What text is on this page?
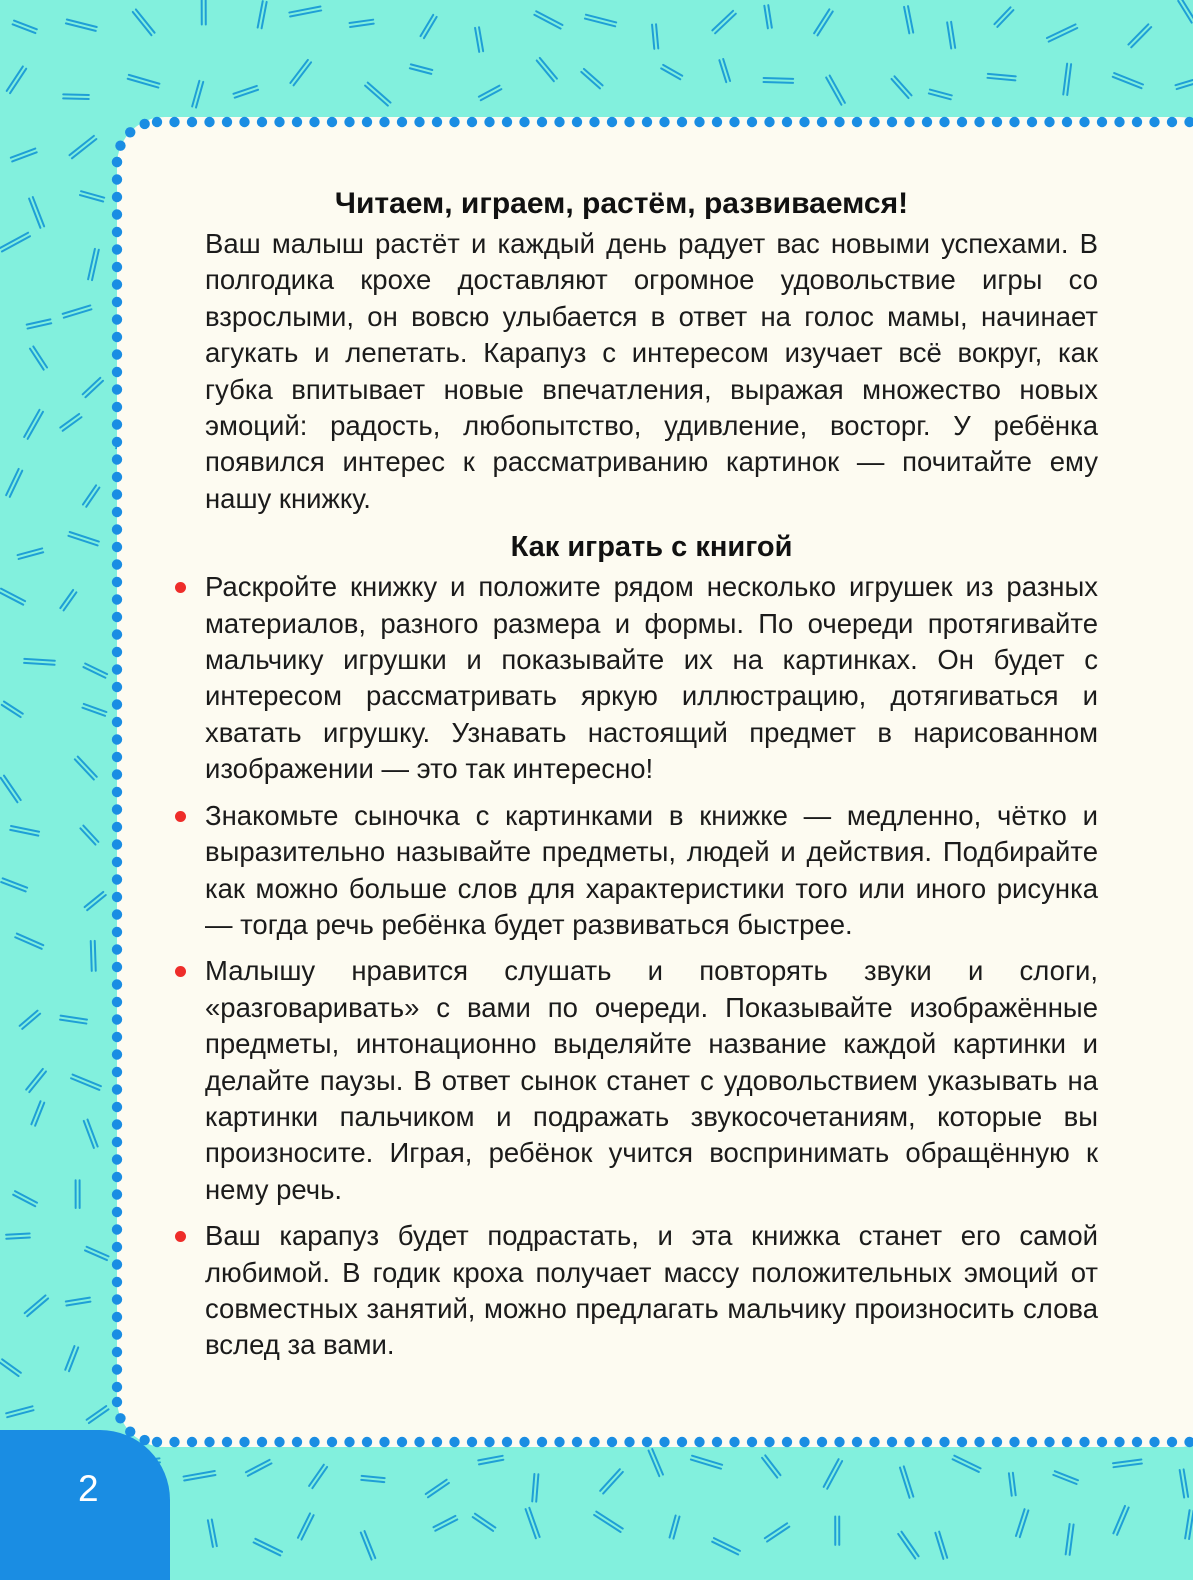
Читаем, играем, растём, развиваемся!

Ваш малыш растёт и каждый день радует вас новыми успехами. В полгодика крохе доставляют огромное удовольствие игры со взрослыми, он вовсю улыбается в ответ на голос мамы, начинает агукать и лепетать. Карапуз с интересом изучает всё вокруг, как губка впитывает новые впечатления, выражая множество новых эмоций: радость, любопытство, удивление, восторг. У ребёнка появился интерес к рассматриванию картинок — почитайте ему нашу книжку.

Как играть с книгой
Раскройте книжку и положите рядом несколько игрушек из разных материалов, разного размера и формы. По очереди протягивайте мальчику игрушки и показывайте их на картинках. Он будет с интересом рассматривать яркую иллюстрацию, дотягиваться и хватать игрушку. Узнавать настоящий предмет в нарисованном изображении — это так интересно!
Знакомьте сыночка с картинками в книжке — медленно, чётко и выразительно называйте предметы, людей и действия. Подбирайте как можно больше слов для характеристики того или иного рисунка — тогда речь ребёнка будет развиваться быстрее.
Малышу нравится слушать и повторять звуки и слоги, «разговаривать» с вами по очереди. Показывайте изображённые предметы, интонационно выделяйте название каждой картинки и делайте паузы. В ответ сынок станет с удовольствием указывать на картинки пальчиком и подражать звукосочетаниям, которые вы произносите. Играя, ребёнок учится воспринимать обращённую к нему речь.
Ваш карапуз будет подрастать, и эта книжка станет его самой любимой. В годик кроха получает массу положительных эмоций от совместных занятий, можно предлагать мальчику произносить слова вслед за вами.
2
